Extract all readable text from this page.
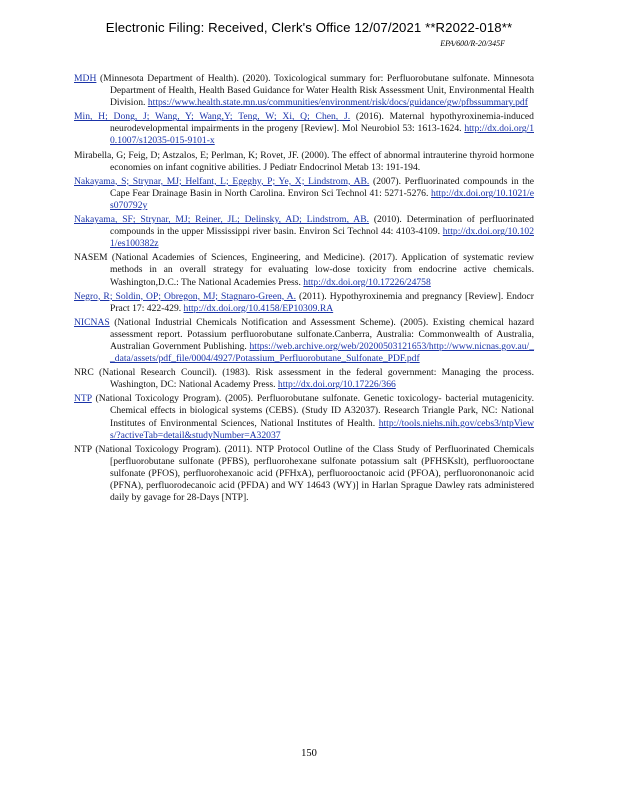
Electronic Filing: Received, Clerk's Office 12/07/2021 **R2022-018**
EPA/600/R-20/345F

MDH (Minnesota Department of Health). (2020). Toxicological summary for: Perfluorobutane sulfonate. Minnesota Department of Health, Health Based Guidance for Water Health Risk Assessment Unit, Environmental Health Division. https://www.health.state.mn.us/communities/environment/risk/docs/guidance/gw/pfbssummary.pdf

Min, H; Dong, J; Wang, Y; Wang,Y; Teng, W; Xi, Q; Chen, J. (2016). Maternal hypothyroxinemia-induced neurodevelopmental impairments in the progeny [Review]. Mol Neurobiol 53: 1613-1624. http://dx.doi.org/10.1007/s12035-015-9101-x

Mirabella, G; Feig, D; Astzalos, E; Perlman, K; Rovet, JF. (2000). The effect of abnormal intrauterine thyroid hormone economies on infant cognitive abilities. J Pediatr Endocrinol Metab 13: 191-194.

Nakayama, S; Strynar, MJ; Helfant, L; Egeghy, P; Ye, X; Lindstrom, AB. (2007). Perfluorinated compounds in the Cape Fear Drainage Basin in North Carolina. Environ Sci Technol 41: 5271-5276. http://dx.doi.org/10.1021/es070792y

Nakayama, SF; Strynar, MJ; Reiner, JL; Delinsky, AD; Lindstrom, AB. (2010). Determination of perfluorinated compounds in the upper Mississippi river basin. Environ Sci Technol 44: 4103-4109. http://dx.doi.org/10.1021/es100382z

NASEM (National Academies of Sciences, Engineering, and Medicine). (2017). Application of systematic review methods in an overall strategy for evaluating low-dose toxicity from endocrine active chemicals. Washington,D.C.: The National Academies Press. http://dx.doi.org/10.17226/24758

Negro, R; Soldin, OP; Obregon, MJ; Stagnaro-Green, A. (2011). Hypothyroxinemia and pregnancy [Review]. Endocr Pract 17: 422-429. http://dx.doi.org/10.4158/EP10309.RA

NICNAS (National Industrial Chemicals Notification and Assessment Scheme). (2005). Existing chemical hazard assessment report. Potassium perfluorobutane sulfonate.Canberra, Australia: Commonwealth of Australia, Australian Government Publishing. https://web.archive.org/web/20200503121653/http://www.nicnas.gov.au/__data/assets/pdf_file/0004/4927/Potassium_Perfluorobutane_Sulfonate_PDF.pdf

NRC (National Research Council). (1983). Risk assessment in the federal government: Managing the process. Washington, DC: National Academy Press. http://dx.doi.org/10.17226/366

NTP (National Toxicology Program). (2005). Perfluorobutane sulfonate. Genetic toxicology- bacterial mutagenicity. Chemical effects in biological systems (CEBS). (Study ID A32037). Research Triangle Park, NC: National Institutes of Environmental Sciences, National Institutes of Health. http://tools.niehs.nih.gov/cebs3/ntpViews/?activeTab=detail&studyNumber=A32037

NTP (National Toxicology Program). (2011). NTP Protocol Outline of the Class Study of Perfluorinated Chemicals [perfluorobutane sulfonate (PFBS), perfluorohexane sulfonate potassium salt (PFHSKslt), perfluorooctane sulfonate (PFOS), perfluorohexanoic acid (PFHxA), perfluorooctanoic acid (PFOA), perfluorononanoic acid (PFNA), perfluorodecanoic acid (PFDA) and WY 14643 (WY)] in Harlan Sprague Dawley rats administered daily by gavage for 28-Days [NTP].

150
